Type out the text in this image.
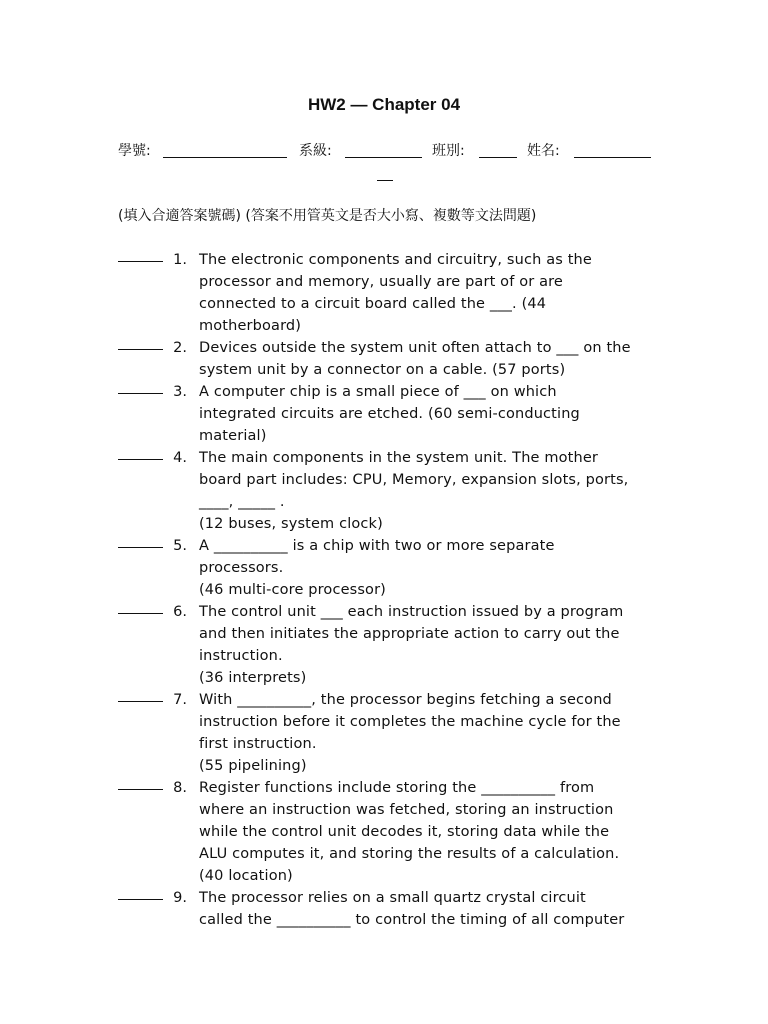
HW2 — Chapter 04
學號:	系級:	班別:	姓名:
(填入合適答案號碼) (答案不用管英文是否大小寫、複數等文法問題)
1. The electronic components and circuitry, such as the
processor and memory, usually are part of or are
connected to a circuit board called the ___. (44
motherboard)
2. Devices outside the system unit often attach to ___ on the
system unit by a connector on a cable. (57 ports)
3. A computer chip is a small piece of ___ on which
integrated circuits are etched. (60 semi-conducting
material)
4. The main components in the system unit. The mother
board part includes: CPU, Memory, expansion slots, ports,
____, _____ .
(12 buses, system clock)
5. A __________ is a chip with two or more separate
processors.
(46 multi-core processor)
6. The control unit ___ each instruction issued by a program
and then initiates the appropriate action to carry out the
instruction.
(36 interprets)
7. With __________, the processor begins fetching a second
instruction before it completes the machine cycle for the
first instruction.
(55 pipelining)
8. Register functions include storing the __________ from
where an instruction was fetched, storing an instruction
while the control unit decodes it, storing data while the
ALU computes it, and storing the results of a calculation.
(40 location)
9. The processor relies on a small quartz crystal circuit
called the __________ to control the timing of all computer
